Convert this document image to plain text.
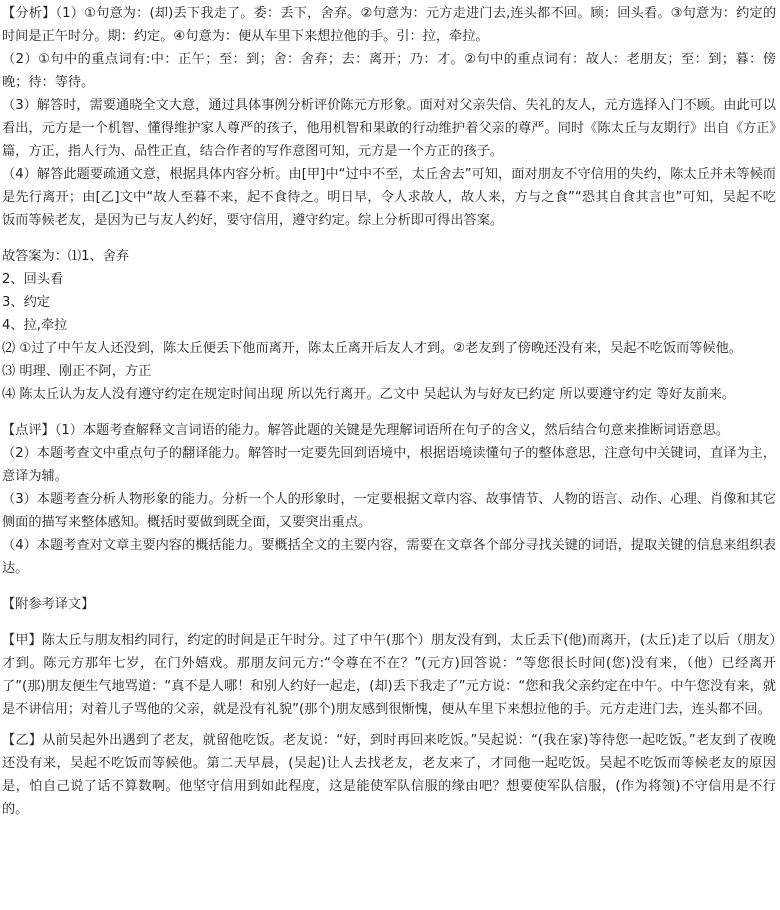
【分析】（1）①句意为：(却)丢下我走了。委：丢下，舍弃。②句意为：元方走进门去,连头都不回。顾：回头看。③句意为：约定的时间是正午时分。期：约定。④句意为：便从车里下来想拉他的手。引：拉，牵拉。

（2）①句中的重点词有:中：正午；至：到；舍：舍弃；去：离开；乃：才。②句中的重点词有：故人：老朋友；至：到；暮：傍晚；待：等待。

（3）解答时，需要通晓全文大意，通过具体事例分析评价陈元方形象。面对对父亲失信、失礼的友人，元方选择入门不顾。由此可以看出，元方是一个机智、懂得维护家人尊严的孩子，他用机智和果敢的行动维护着父亲的尊严。同时《陈太丘与友期行》出自《方正》篇，方正，指人行为、品性正直，结合作者的写作意图可知，元方是一个方正的孩子。

（4）解答此题要疏通文意，根据具体内容分析。由[甲]中“过中不至，太丘舍去”可知，面对朋友不守信用的失约，陈太丘并未等候而是先行离开；由[乙]文中“故人至暮不来，起不食待之。明日早，令人求故人，故人来，方与之食”“恐其自食其言也”可知，吴起不吃饭而等候老友，是因为已与友人约好，要守信用，遵守约定。综上分析即可得出答案。

故答案为：⑴1、舍弃

2、回头看

3、约定

4、拉,牵拉

⑵ ①过了中午友人还没到，陈太丘便丢下他而离开，陈太丘离开后友人才到。②老友到了傍晚还没有来，吴起不吃饭而等候他。

⑶ 明理、刚正不阿，方正

⑷ 陈太丘认为友人没有遵守约定在规定时间出现 所以先行离开。乙文中 吴起认为与好友已约定 所以要遵守约定 等好友前来。

【点评】（1）本题考查解释文言词语的能力。解答此题的关键是先理解词语所在句子的含义，然后结合句意来推断词语意思。

（2）本题考查文中重点句子的翻译能力。解答时一定要先回到语境中，根据语境读懂句子的整体意思，注意句中关键词，直译为主，意译为辅。

（3）本题考查分析人物形象的能力。分析一个人的形象时，一定要根据文章内容、故事情节、人物的语言、动作、心理、肖像和其它侧面的描写来整体感知。概括时要做到既全面，又要突出重点。

（4）本题考查对文章主要内容的概括能力。要概括全文的主要内容，需要在文章各个部分寻找关键的词语，提取关键的信息来组织表达。

【附参考译文】

【甲】陈太丘与朋友相约同行，约定的时间是正午时分。过了中午(那个）朋友没有到，太丘丢下(他)而离开，(太丘)走了以后（朋友）才到。陈元方那年七岁，在门外嬉戏。那朋友问元方:“令尊在不在？”(元方)回答说：“等您很长时间(您)没有来，（他）已经离开了”(那)朋友便生气地骂道：“真不是人哪！和别人约好一起走，(却)丢下我走了”元方说：“您和我父亲约定在中午。中午您没有来，就是不讲信用；对着儿子骂他的父亲，就是没有礼貌”(那个)朋友感到很惭愧，便从车里下来想拉他的手。元方走进门去，连头都不回。

【乙】从前吴起外出遇到了老友，就留他吃饭。老友说：“好，到时再回来吃饭。”吴起说：“(我在家)等待您一起吃饭。”老友到了夜晚还没有来，吴起不吃饭而等候他。第二天早晨，(吴起)让人去找老友，老友来了，才同他一起吃饭。吴起不吃饭而等候老友的原因是，怕自己说了话不算数啊。他坚守信用到如此程度，这是能使军队信服的缘由吧？想要使军队信服，(作为将领)不守信用是不行的。
